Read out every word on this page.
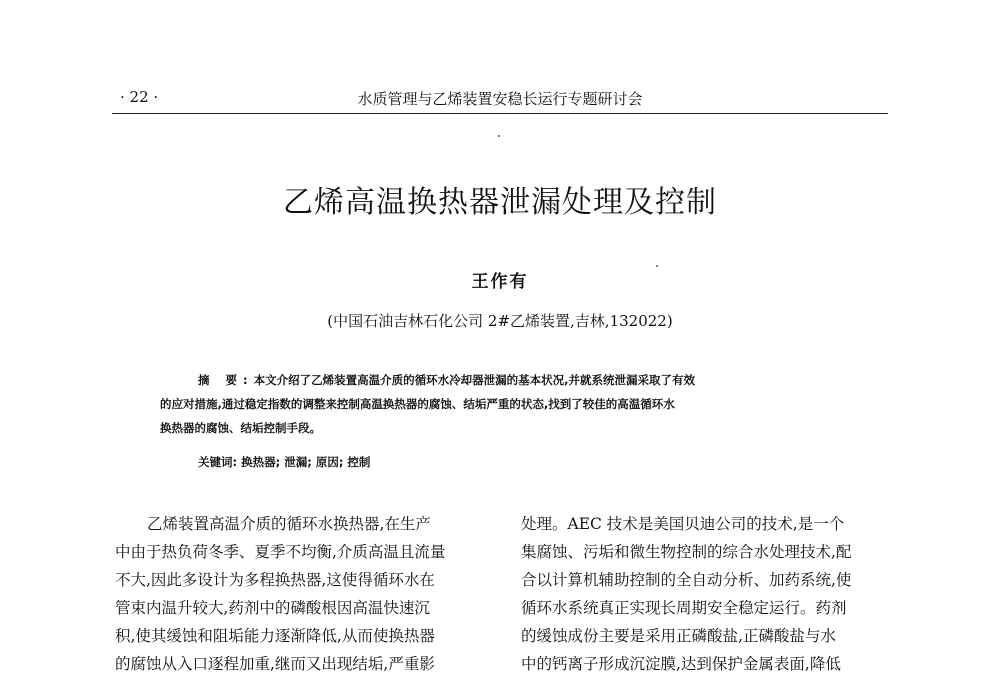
· 22 ·	水质管理与乙烯装置安稳长运行专题研讨会
乙烯高温换热器泄漏处理及控制
王作有
(中国石油吉林石化公司 2#乙烯装置,吉林,132022)
摘 要:本文介绍了乙烯装置高温介质的循环水冷却器泄漏的基本状况,并就系统泄漏采取了有效
的应对措施,通过稳定指数的调整来控制高温换热器的腐蚀、结垢严重的状态,找到了较佳的高温循环水
换热器的腐蚀、结垢控制手段。
关键词: 换热器; 泄漏; 原因; 控制
乙烯装置高温介质的循环水换热器,在生产
中由于热负荷冬季、夏季不均衡,介质高温且流量
不大,因此多设计为多程换热器,这使得循环水在
管束内温升较大,药剂中的磷酸根因高温快速沉
积,使其缓蚀和阻垢能力逐渐降低,从而使换热器
的腐蚀从入口逐程加重,继而又出现结垢,严重影
处理。AEC 技术是美国贝迪公司的技术,是一个
集腐蚀、污垢和微生物控制的综合水处理技术,配
合以计算机辅助控制的全自动分析、加药系统,使
循环水系统真正实现长周期安全稳定运行。药剂
的缓蚀成份主要是采用正磷酸盐,正磷酸盐与水
中的钙离子形成沉淀膜,达到保护金属表面,降低
